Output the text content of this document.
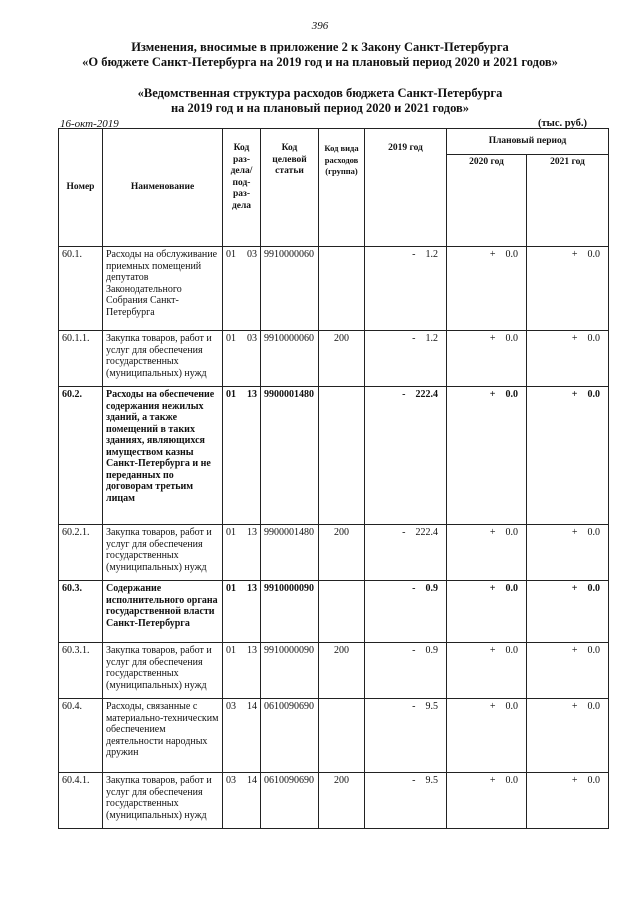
396
Изменения, вносимые в приложение 2 к Закону Санкт-Петербурга
«О бюджете Санкт-Петербурга на 2019 год и на плановый период 2020 и 2021 годов»
«Ведомственная структура расходов бюджета Санкт-Петербурга
на 2019 год и на плановый период 2020 и 2021 годов»
16-окт-2019	(тыс. руб.)
Номер	Наименование	Код раз- дела/ под- раз- дела	Код целевой статьи	Код вида расходов (группа)	2019 год	Плановый период	
						2020 год	2021 год
60.1.	Расходы на обслуживание приемных помещений депутатов Законодательного Собрания Санкт-Петербурга	01 03	9910000060		- 1.2	+ 0.0	+ 0.0
60.1.1.	Закупка товаров, работ и услуг для обеспечения государственных (муниципальных) нужд	01 03	9910000060	200	- 1.2	+ 0.0	+ 0.0
60.2.	Расходы на обеспечение содержания нежилых зданий, а также помещений в таких зданиях, являющихся имуществом казны Санкт-Петербурга и не переданных по договорам третьим лицам	01 13	9900001480		- 222.4	+ 0.0	+ 0.0
60.2.1.	Закупка товаров, работ и услуг для обеспечения государственных (муниципальных) нужд	01 13	9900001480	200	- 222.4	+ 0.0	+ 0.0
60.3.	Содержание исполнительного органа государственной власти Санкт-Петербурга	01 13	9910000090		- 0.9	+ 0.0	+ 0.0
60.3.1.	Закупка товаров, работ и услуг для обеспечения государственных (муниципальных) нужд	01 13	9910000090	200	- 0.9	+ 0.0	+ 0.0
60.4.	Расходы, связанные с материально-техническим обеспечением деятельности народных дружин	03 14	0610090690		- 9.5	+ 0.0	+ 0.0
60.4.1.	Закупка товаров, работ и услуг для обеспечения государственных (муниципальных) нужд	03 14	0610090690	200	- 9.5	+ 0.0	+ 0.0
